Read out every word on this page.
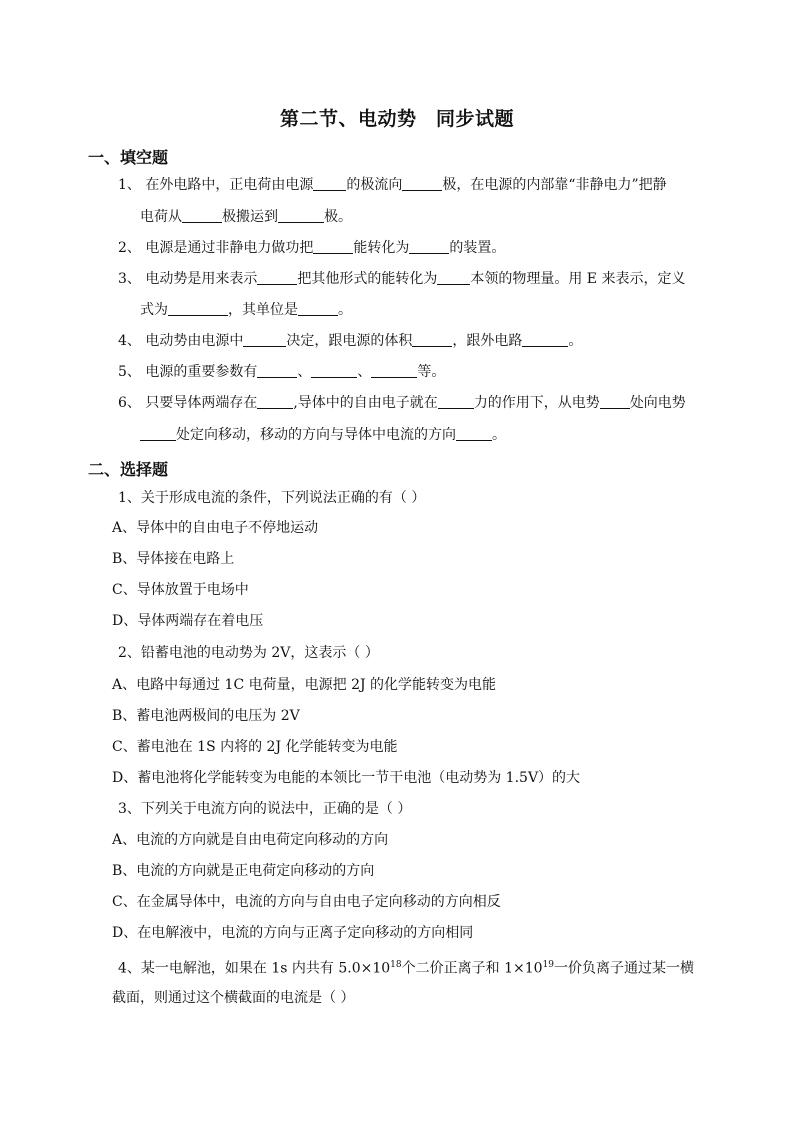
第二节、电动势　同步试题
一、填空题
1、 在外电路中，正电荷由电源 的极流向	极，在电源的内部靠“非静电力”把静
电荷从	极搬运到	极。
2、 电源是通过非静电力做功把	能转化为	的装置。
3、 电动势是用来表示	把其他形式的能转化为 本领的物理量。用 E 来表示，定义
式为	，其单位是	。
4、 电动势由电源中	决定，跟电源的体积	，跟外电路	。
5、 电源的重要参数有	、	、	等。
6、 只要导体两端存在	,导体中的自由电子就在	力的作用下，从电势 处向电势
处定向移动，移动的方向与导体中电流的方向	。
二、选择题
1、关于形成电流的条件，下列说法正确的有（ ）
A、导体中的自由电子不停地运动
B、导体接在电路上
C、导体放置于电场中
D、导体两端存在着电压
2、铅蓄电池的电动势为 2V，这表示（ ）
A、电路中每通过 1C 电荷量，电源把 2J 的化学能转变为电能
B、蓄电池两极间的电压为 2V
C、蓄电池在 1S 内将的 2J 化学能转变为电能
D、蓄电池将化学能转变为电能的本领比一节干电池（电动势为 1.5V）的大
3、下列关于电流方向的说法中，正确的是（ ）
A、电流的方向就是自由电荷定向移动的方向
B、电流的方向就是正电荷定向移动的方向
C、在金属导体中，电流的方向与自由电子定向移动的方向相反
D、在电解液中，电流的方向与正离子定向移动的方向相同
4、某一电解池，如果在 1s 内共有 $5.0\times 10^{18}$个二价正离子和 $1\times 10^{19}$一价负离子通过某一横
截面，则通过这个横截面的电流是（ ）
